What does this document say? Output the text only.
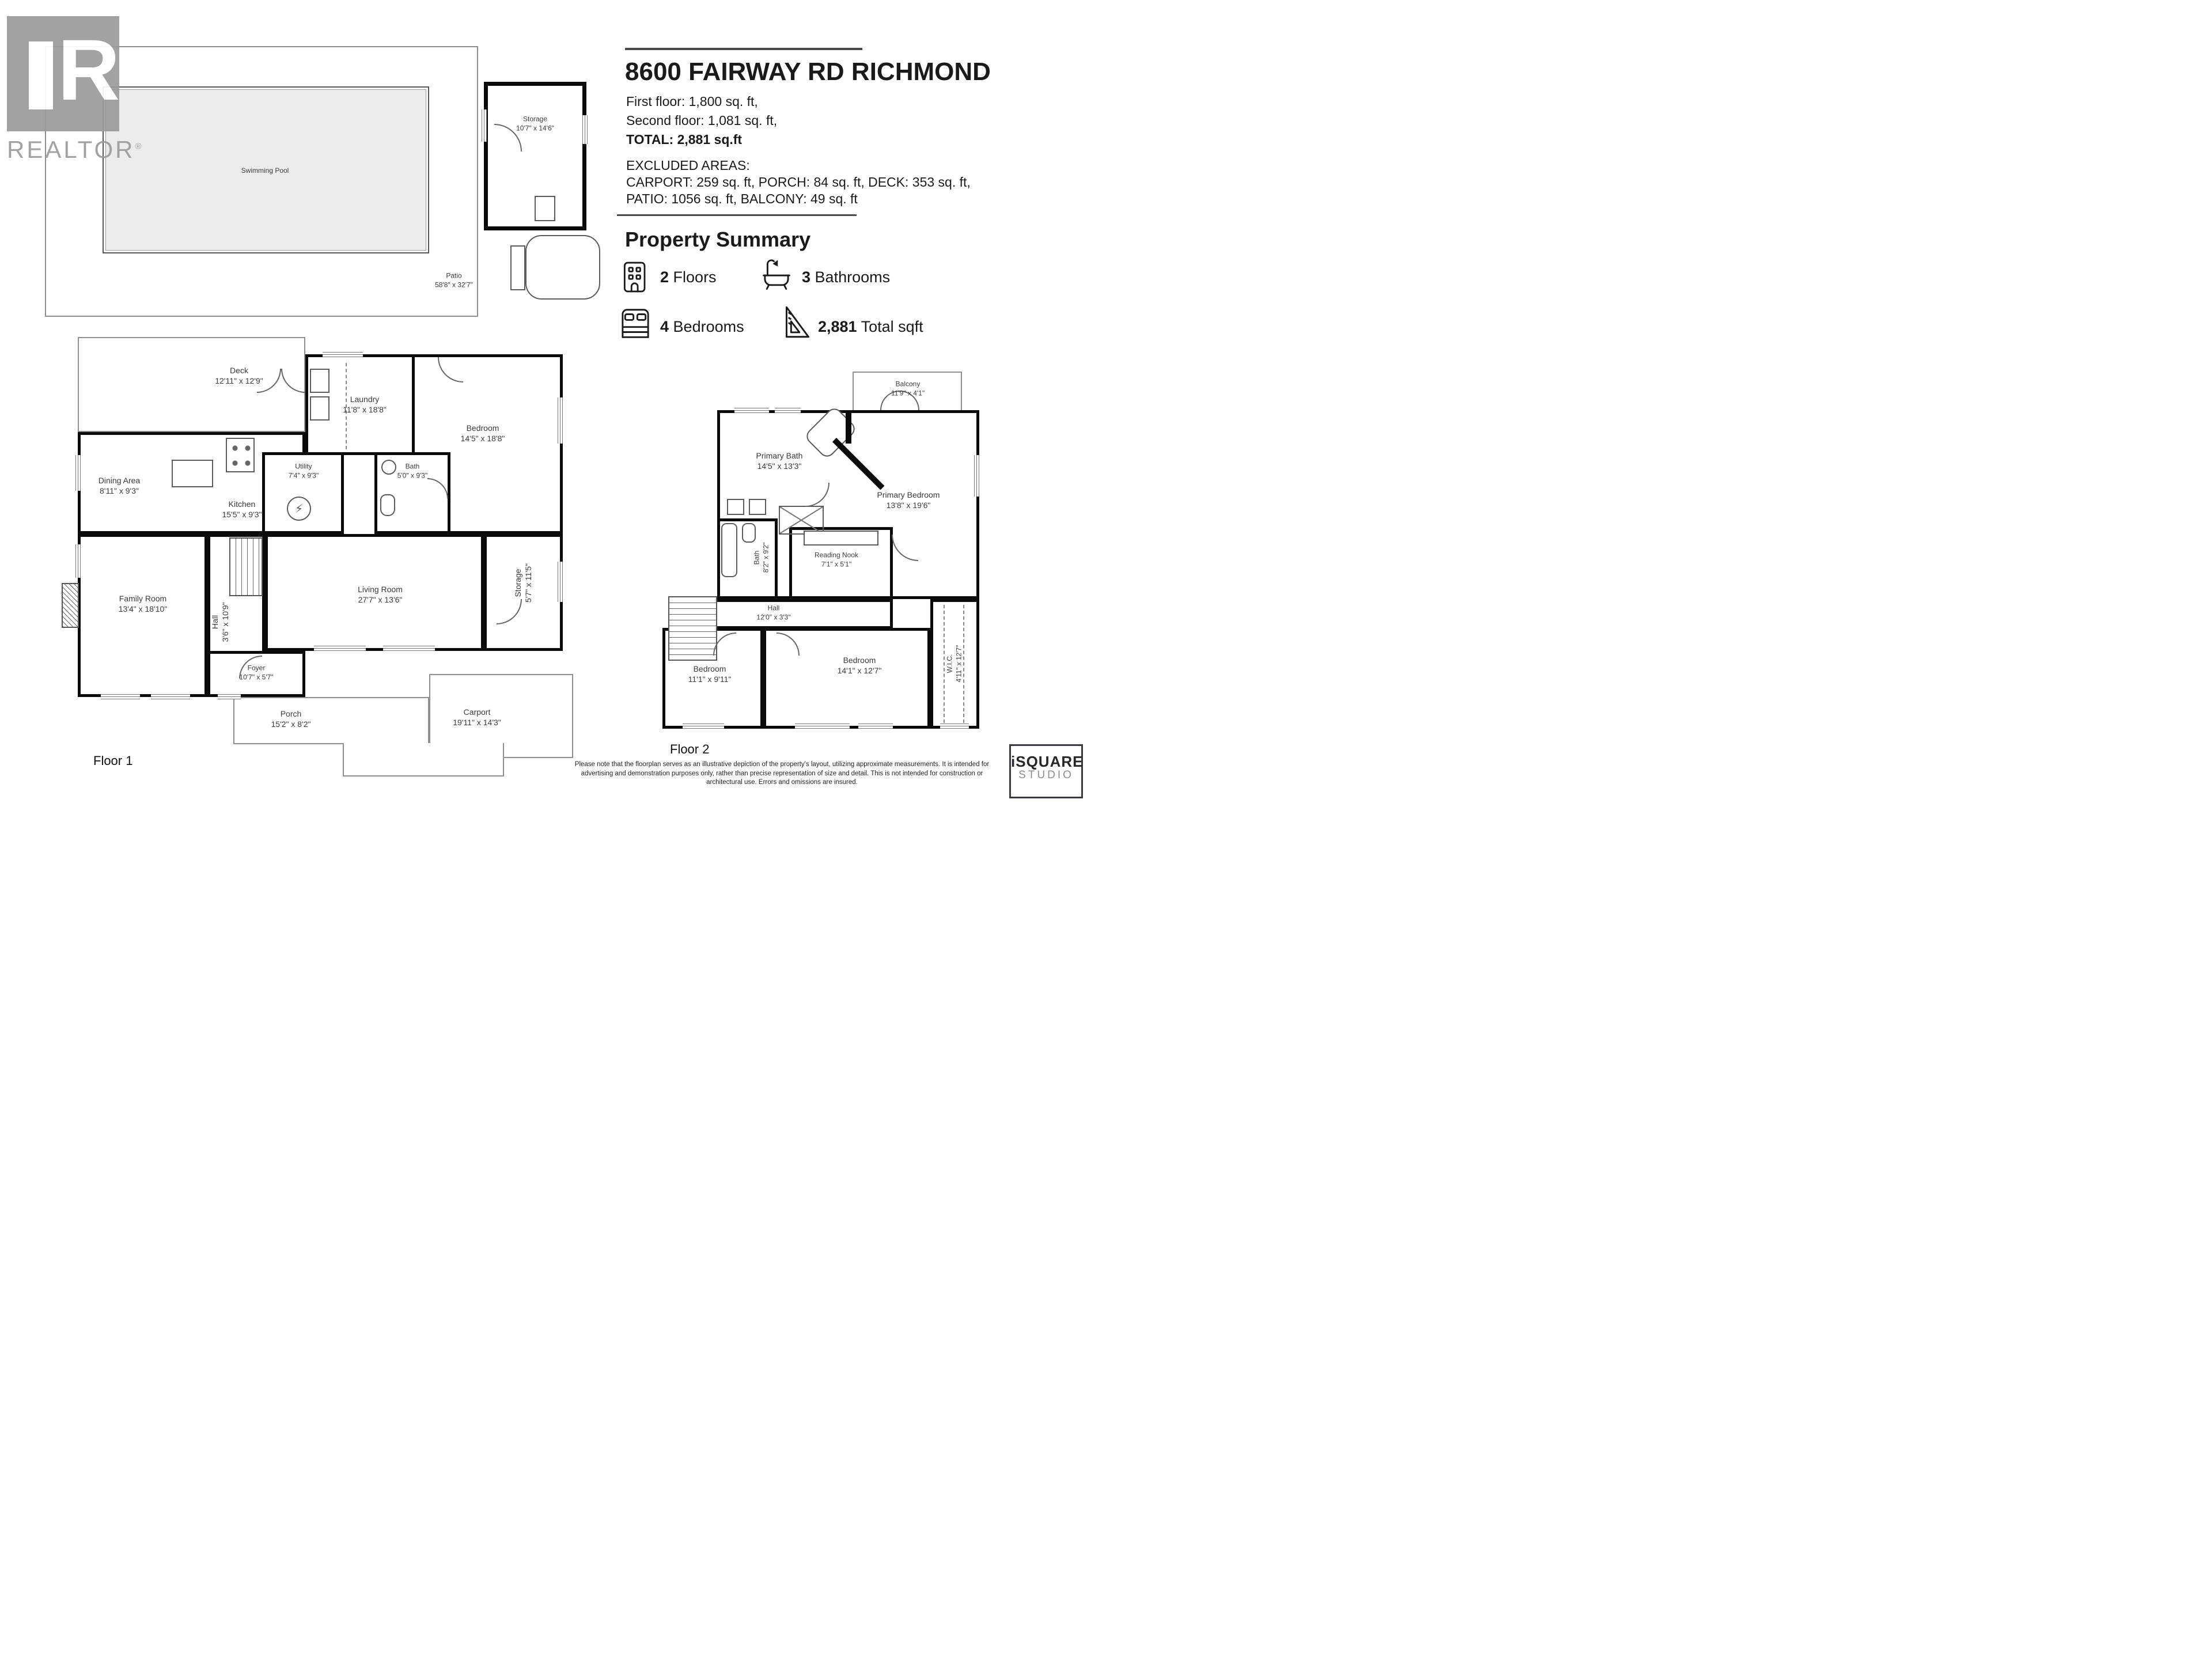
Swimming Pool
Patio
58'8" x 32'7"
Storage
10'7" x 14'6"
Deck
12'11" x 12'9"
Laundry
11'8" x 18'8"
Bedroom
14'5" x 18'8"
Dining Area
8'11" x 9'3"
Kitchen
15'5" x 9'3"	⚡
Utility
7'4" x 9'3"
Bath
5'0" x 9'3"
Family Room
13'4" x 18'10"
Hall 3'6" x 10'9"
Living Room
27'7" x 13'6"
Storage 5'7" x 11'5"
Foyer
10'7" x 5'7"
Porch
15'2" x 8'2"
Carport
19'11" x 14'3"
Floor 1
8600 FAIRWAY RD RICHMOND
First floor: 1,800 sq. ft,
Second floor: 1,081 sq. ft,
TOTAL: 2,881 sq.ft
EXCLUDED AREAS:
CARPORT: 259 sq. ft, PORCH: 84 sq. ft, DECK: 353 sq. ft,
PATIO: 1056 sq. ft, BALCONY: 49 sq. ft
Property Summary
2 Floors	3 Bathrooms
4 Bedrooms	2,881 Total sqft
Balcony
11'9" x 4'1"
Primary Bath
14'5" x 13'3"
Primary Bedroom
13'8" x 19'6"
Bath 8'2" x 9'2"	Reading Nook
7'1" x 5'1"
Hall
12'0" x 3'3"
Bedroom
11'1" x 9'11"
Bedroom
14'1" x 12'7"	W.I.C. 4'11" x 12'7"
Floor 2
Please note that the floorplan serves as an illustrative depiction of the property's layout, utilizing approximate measurements. It is intended for advertising and demonstration purposes only, rather than precise representation of size and detail. This is not intended for construction or architectural use. Errors and omissions are insured.
iSQUARE
STUDIO
R
REALTOR®
